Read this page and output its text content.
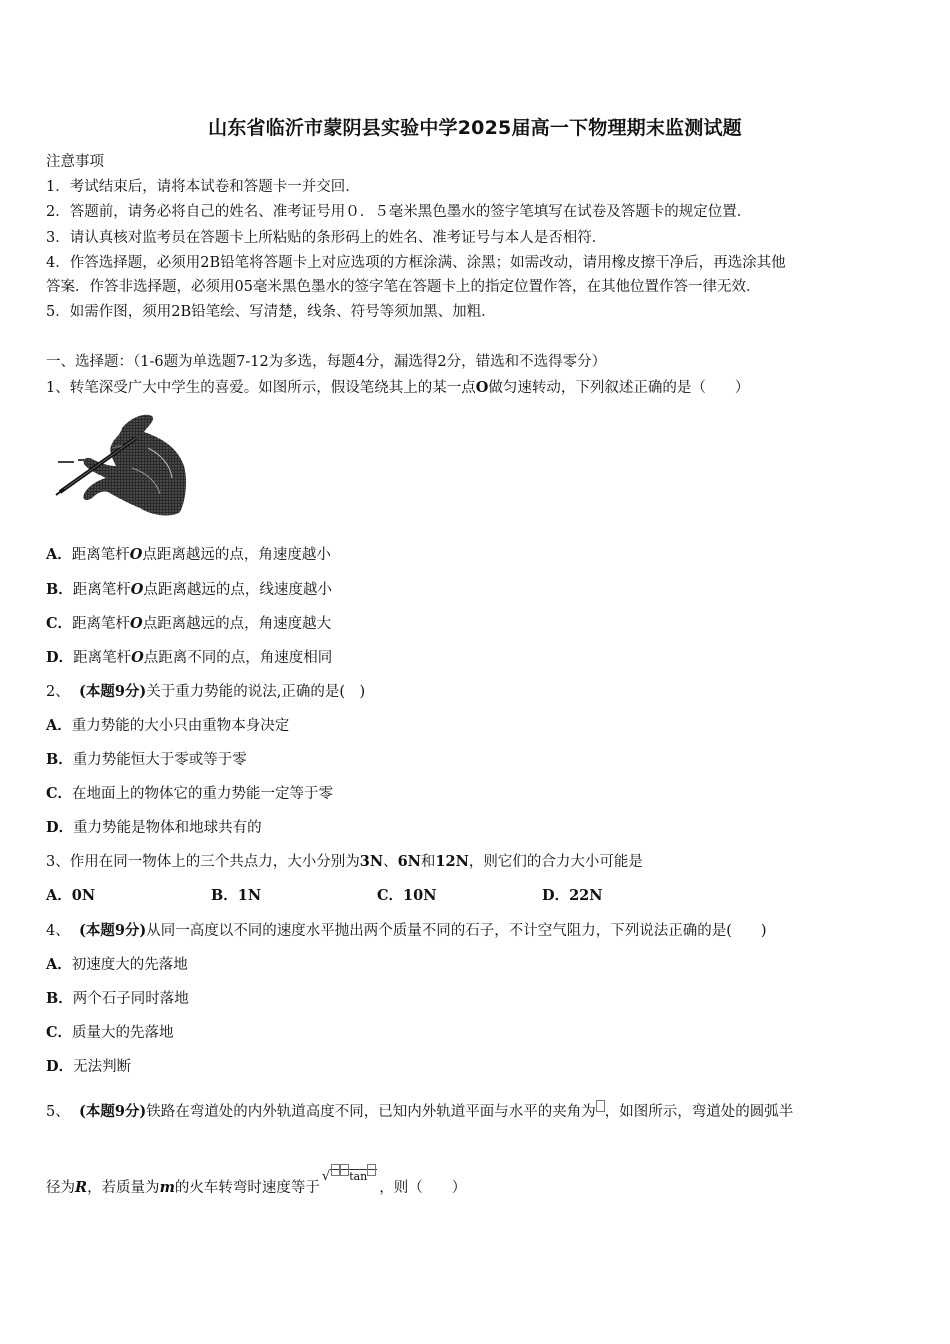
山东省临沂市蒙阴县实验中学2025届高一下物理期末监测试题
注意事项
1．考试结束后，请将本试卷和答题卡一并交回．
2．答题前，请务必将自己的姓名、准考证号用０．５毫米黑色墨水的签字笔填写在试卷及答题卡的规定位置．
3．请认真核对监考员在答题卡上所粘贴的条形码上的姓名、准考证号与本人是否相符．
4．作答选择题，必须用2B铅笔将答题卡上对应选项的方框涂满、涂黑；如需改动，请用橡皮擦干净后，再选涂其他
答案．作答非选择题，必须用05毫米黑色墨水的签字笔在答题卡上的指定位置作答，在其他位置作答一律无效．
5．如需作图，须用2B铅笔绘、写清楚，线条、符号等须加黑、加粗．
一、选择题：（1-6题为单选题7-12为多选，每题4分，漏选得2分，错选和不选得零分）
1、转笔深受广大中学生的喜爱。如图所示，假设笔绕其上的某一点O做匀速转动，下列叙述正确的是（　　）
A．距离笔杆O点距离越远的点，角速度越小
B．距离笔杆O点距离越远的点，线速度越小
C．距离笔杆O点距离越远的点，角速度越大
D．距离笔杆O点距离不同的点，角速度相同
2、 (本题9分)关于重力势能的说法,正确的是(　)
A．重力势能的大小只由重物本身决定
B．重力势能恒大于零或等于零
C．在地面上的物体它的重力势能一定等于零
D．重力势能是物体和地球共有的
3、作用在同一物体上的三个共点力，大小分别为3N、6N和12N，则它们的合力大小可能是
A．0N	B．1N	C．10N	D．22N
4、 (本题9分)从同一高度以不同的速度水平抛出两个质量不同的石子，不计空气阻力，下列说法正确的是(　　)
A．初速度大的先落地
B．两个石子同时落地
C．质量大的先落地
D．无法判断
5、 (本题9分)铁路在弯道处的内外轨道高度不同，已知内外轨道平面与水平的夹角为 ，如图所示，弯道处的圆弧半
径为R，若质量为m的火车转弯时速度等于√ tan，则（　　）
